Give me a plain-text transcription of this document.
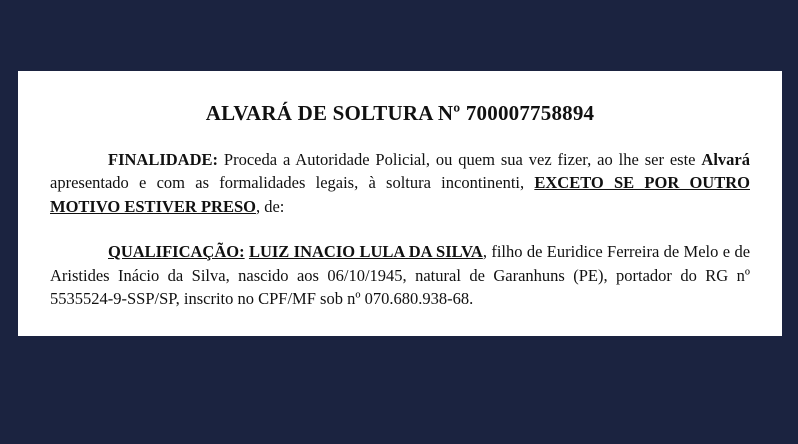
ALVARÁ DE SOLTURA Nº 700007758894

FINALIDADE: Proceda a Autoridade Policial, ou quem sua vez fizer, ao lhe ser este Alvará apresentado e com as formalidades legais, à soltura incontinenti, EXCETO SE POR OUTRO MOTIVO ESTIVER PRESO, de:

QUALIFICAÇÃO: LUIZ INACIO LULA DA SILVA, filho de Euridice Ferreira de Melo e de Aristides Inácio da Silva, nascido aos 06/10/1945, natural de Garanhuns (PE), portador do RG nº 5535524-9-SSP/SP, inscrito no CPF/MF sob nº 070.680.938-68.
